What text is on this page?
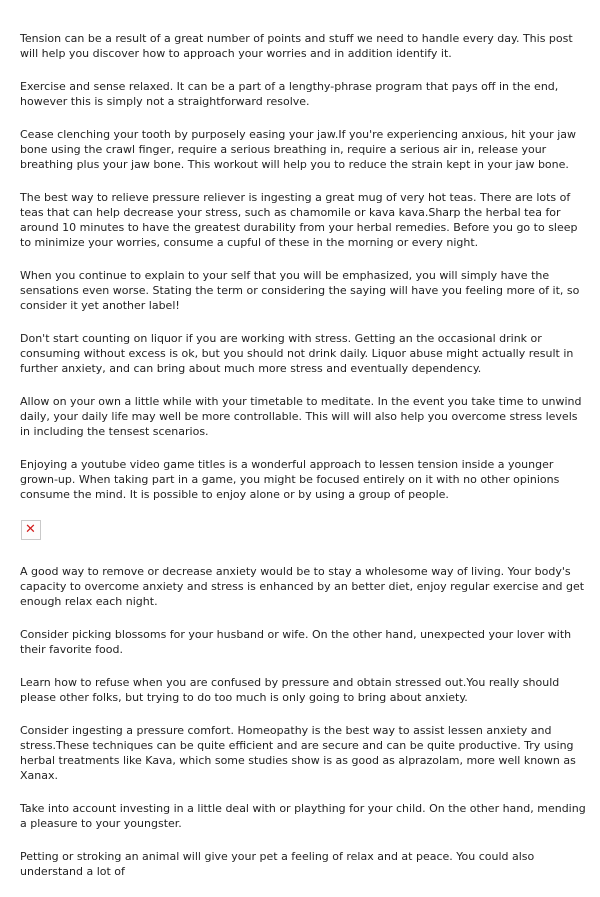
Tension can be a result of a great number of points and stuff we need to handle every day. This post will help you discover how to approach your worries and in addition identify it.

Exercise and sense relaxed. It can be a part of a lengthy-phrase program that pays off in the end, however this is simply not a straightforward resolve.

Cease clenching your tooth by purposely easing your jaw.If you're experiencing anxious, hit your jaw bone using the crawl finger, require a serious breathing in, require a serious air in, release your breathing plus your jaw bone. This workout will help you to reduce the strain kept in your jaw bone.

The best way to relieve pressure reliever is ingesting a great mug of very hot teas. There are lots of teas that can help decrease your stress, such as chamomile or kava kava.Sharp the herbal tea for around 10 minutes to have the greatest durability from your herbal remedies. Before you go to sleep to minimize your worries, consume a cupful of these in the morning or every night.

When you continue to explain to your self that you will be emphasized, you will simply have the sensations even worse. Stating the term or considering the saying will have you feeling more of it, so consider it yet another label!

Don't start counting on liquor if you are working with stress. Getting an the occasional drink or consuming without excess is ok, but you should not drink daily. Liquor abuse might actually result in further anxiety, and can bring about much more stress and eventually dependency.

Allow on your own a little while with your timetable to meditate. In the event you take time to unwind daily, your daily life may well be more controllable. This will will also help you overcome stress levels in including the tensest scenarios.

Enjoying a youtube video game titles is a wonderful approach to lessen tension inside a younger grown-up. When taking part in a game, you might be focused entirely on it with no other opinions consume the mind. It is possible to enjoy alone or by using a group of people.

✕

A good way to remove or decrease anxiety would be to stay a wholesome way of living. Your body's capacity to overcome anxiety and stress is enhanced by an better diet, enjoy regular exercise and get enough relax each night.

Consider picking blossoms for your husband or wife. On the other hand, unexpected your lover with their favorite food.

Learn how to refuse when you are confused by pressure and obtain stressed out.You really should please other folks, but trying to do too much is only going to bring about anxiety.

Consider ingesting a pressure comfort. Homeopathy is the best way to assist lessen anxiety and stress.These techniques can be quite efficient and are secure and can be quite productive. Try using herbal treatments like Kava, which some studies show is as good as alprazolam, more well known as Xanax.

Take into account investing in a little deal with or plaything for your child. On the other hand, mending a pleasure to your youngster.

Petting or stroking an animal will give your pet a feeling of relax and at peace. You could also understand a lot of
